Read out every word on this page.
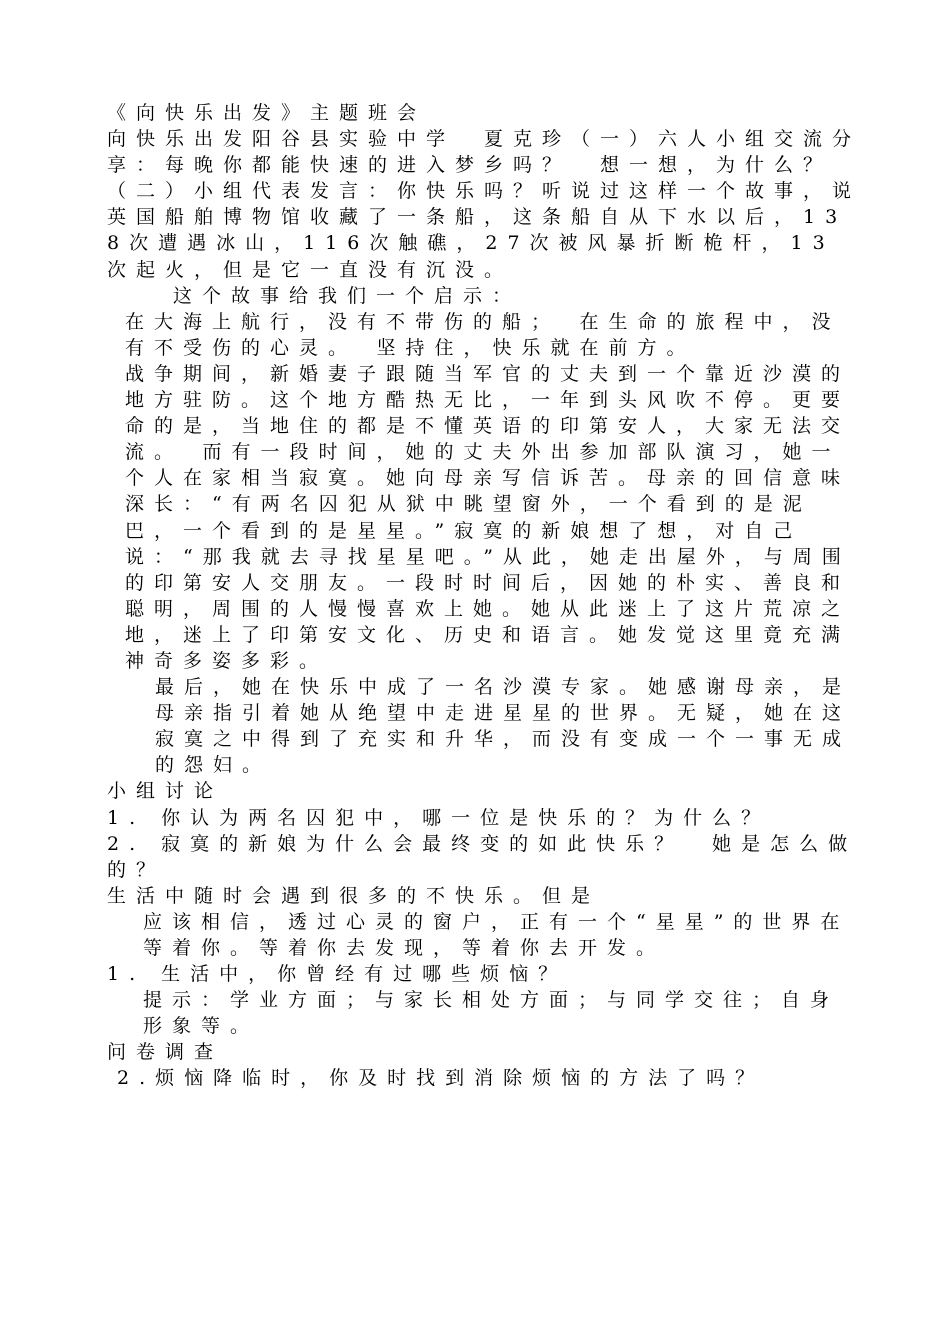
《向快乐出发》主题班会
向快乐出发阳谷县实验中学　夏克珍（一）六人小组交流分享：每晚你都能快速的进入梦乡吗？　想一想，为什么？　（二）小组代表发言：你快乐吗？听说过这样一个故事，说英国船舶博物馆收藏了一条船，这条船自从下水以后，138次遭遇冰山，116次触礁，27次被风暴折断桅杆，13次起火，但是它一直没有沉没。
这个故事给我们一个启示：
在大海上航行，没有不带伤的船；　在生命的旅程中，没有不受伤的心灵。　坚持住，快乐就在前方。
战争期间，新婚妻子跟随当军官的丈夫到一个靠近沙漠的地方驻防。这个地方酷热无比，一年到头风吹不停。更要命的是，当地住的都是不懂英语的印第安人，大家无法交流。　而有一段时间，她的丈夫外出参加部队演习，她一个人在家相当寂寞。她向母亲写信诉苦。母亲的回信意味深长：“有两名囚犯从狱中眺望窗外，一个看到的是泥巴，一个看到的是星星。”寂寞的新娘想了想，对自己说：“那我就去寻找星星吧。”从此，她走出屋外，与周围的印第安人交朋友。一段时时间后，因她的朴实、善良和聪明，周围的人慢慢喜欢上她。她从此迷上了这片荒凉之地，迷上了印第安文化、历史和语言。她发觉这里竟充满神奇多姿多彩。
最后，她在快乐中成了一名沙漠专家。她感谢母亲，是母亲指引着她从绝望中走进星星的世界。无疑，她在这寂寞之中得到了充实和升华，而没有变成一个一事无成的怨妇。
小组讨论
1. 你认为两名囚犯中，哪一位是快乐的？为什么？
2. 寂寞的新娘为什么会最终变的如此快乐？　她是怎么做的？
生活中随时会遇到很多的不快乐。但是
应该相信，透过心灵的窗户，正有一个“星星”的世界在等着你。等着你去发现，等着你去开发。
1. 生活中，你曾经有过哪些烦恼？
提示：学业方面；与家长相处方面；与同学交往；自身形象等。
问卷调查
2.烦恼降临时，你及时找到消除烦恼的方法了吗？
